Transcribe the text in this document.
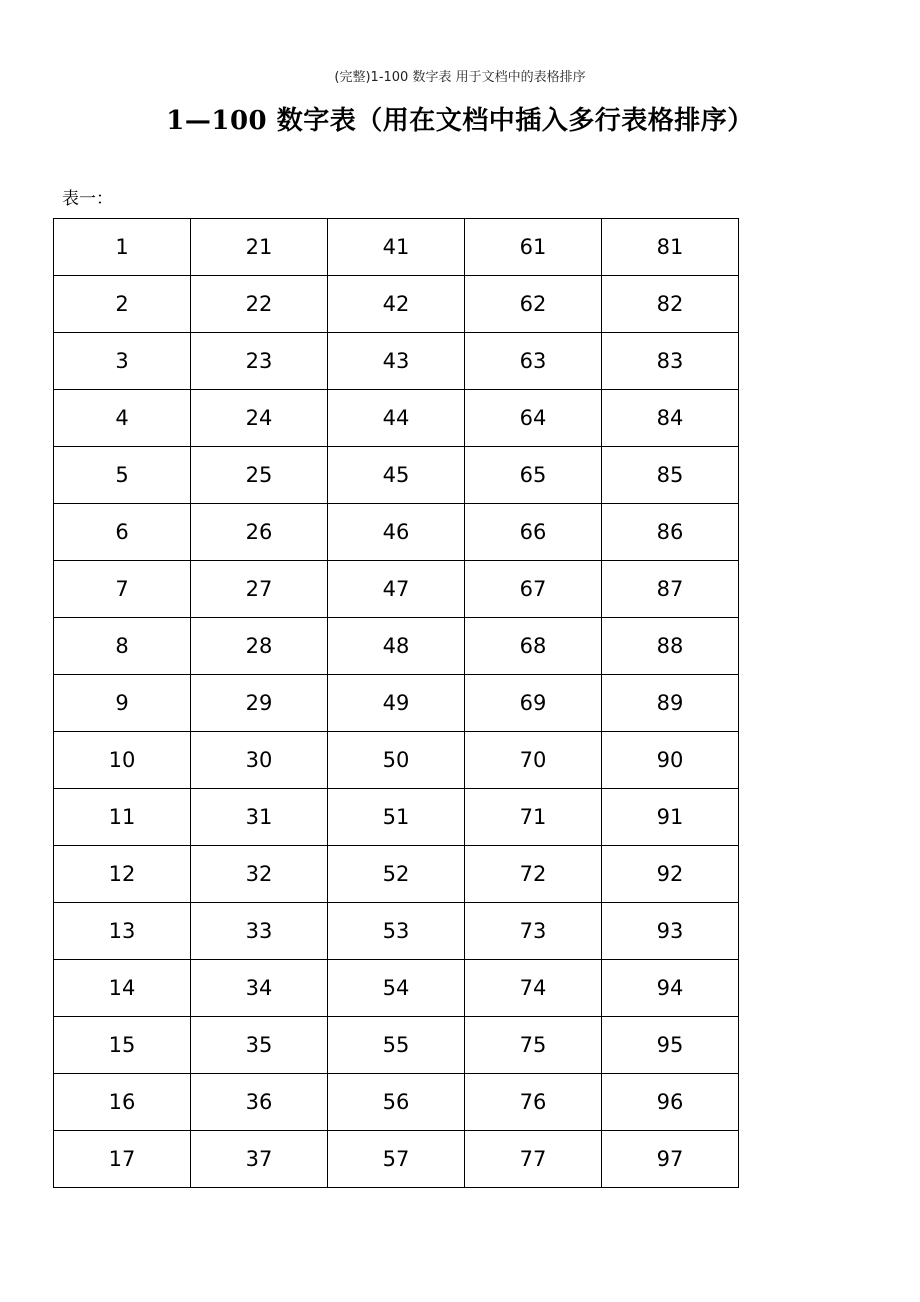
(完整)1-100 数字表 用于文档中的表格排序
1—100 数字表（用在文档中插入多行表格排序）
表一：
1	21	41	61	81
2	22	42	62	82
3	23	43	63	83
4	24	44	64	84
5	25	45	65	85
6	26	46	66	86
7	27	47	67	87
8	28	48	68	88
9	29	49	69	89
10	30	50	70	90
11	31	51	71	91
12	32	52	72	92
13	33	53	73	93
14	34	54	74	94
15	35	55	75	95
16	36	56	76	96
17	37	57	77	97
